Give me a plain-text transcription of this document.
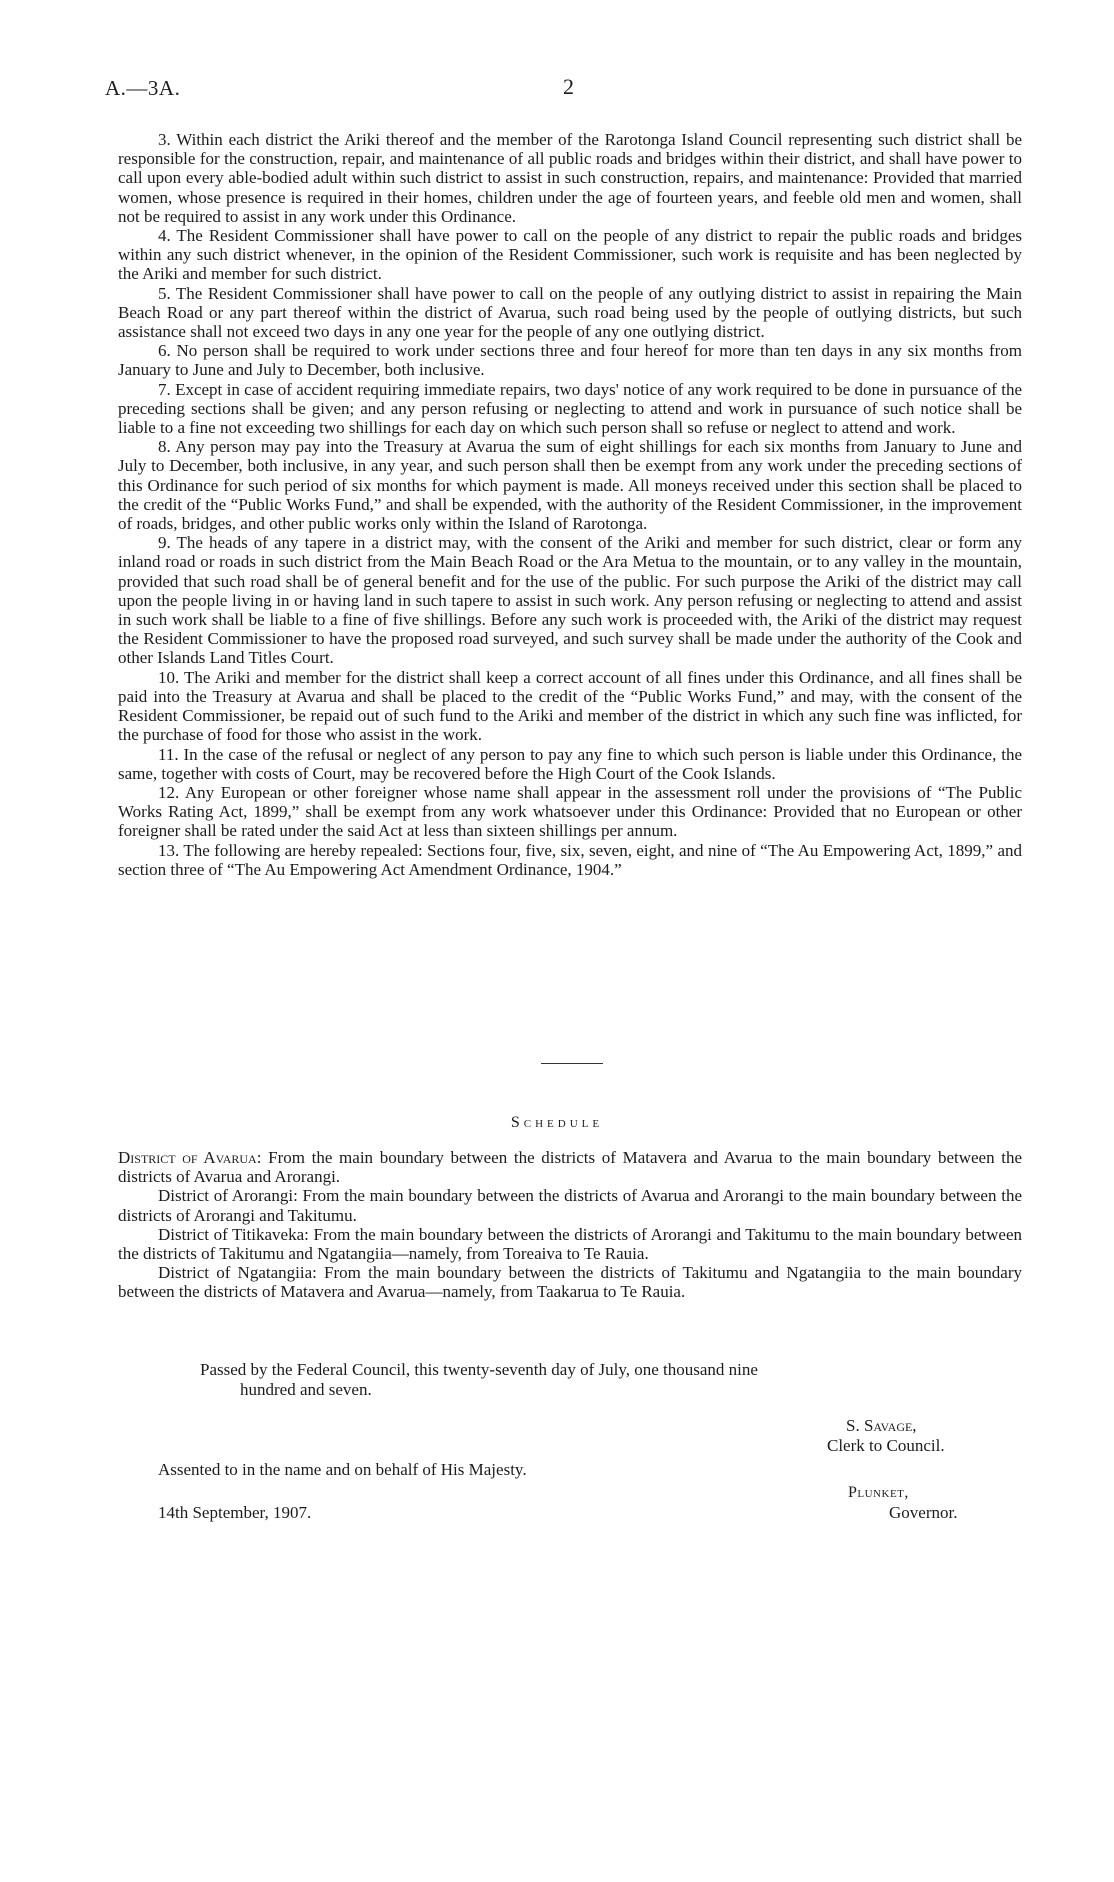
A.—3A.	2

3. Within each district the Ariki thereof and the member of the Rarotonga Island Council representing such district shall be responsible for the construction, repair, and maintenance of all public roads and bridges within their district, and shall have power to call upon every able-bodied adult within such district to assist in such construction, repairs, and maintenance: Provided that married women, whose presence is required in their homes, children under the age of fourteen years, and feeble old men and women, shall not be required to assist in any work under this Ordinance.

4. The Resident Commissioner shall have power to call on the people of any district to repair the public roads and bridges within any such district whenever, in the opinion of the Resident Commissioner, such work is requisite and has been neglected by the Ariki and member for such district.

5. The Resident Commissioner shall have power to call on the people of any outlying district to assist in repairing the Main Beach Road or any part thereof within the district of Avarua, such road being used by the people of outlying districts, but such assistance shall not exceed two days in any one year for the people of any one outlying district.

6. No person shall be required to work under sections three and four hereof for more than ten days in any six months from January to June and July to December, both inclusive.

7. Except in case of accident requiring immediate repairs, two days' notice of any work required to be done in pursuance of the preceding sections shall be given; and any person refusing or neglecting to attend and work in pursuance of such notice shall be liable to a fine not exceeding two shillings for each day on which such person shall so refuse or neglect to attend and work.

8. Any person may pay into the Treasury at Avarua the sum of eight shillings for each six months from January to June and July to December, both inclusive, in any year, and such person shall then be exempt from any work under the preceding sections of this Ordinance for such period of six months for which payment is made. All moneys received under this section shall be placed to the credit of the “Public Works Fund,” and shall be expended, with the authority of the Resident Commissioner, in the improvement of roads, bridges, and other public works only within the Island of Rarotonga.

9. The heads of any tapere in a district may, with the consent of the Ariki and member for such district, clear or form any inland road or roads in such district from the Main Beach Road or the Ara Metua to the mountain, or to any valley in the mountain, provided that such road shall be of general benefit and for the use of the public. For such purpose the Ariki of the district may call upon the people living in or having land in such tapere to assist in such work. Any person refusing or neglecting to attend and assist in such work shall be liable to a fine of five shillings. Before any such work is proceeded with, the Ariki of the district may request the Resident Commissioner to have the proposed road surveyed, and such survey shall be made under the authority of the Cook and other Islands Land Titles Court.

10. The Ariki and member for the district shall keep a correct account of all fines under this Ordinance, and all fines shall be paid into the Treasury at Avarua and shall be placed to the credit of the “Public Works Fund,” and may, with the consent of the Resident Commissioner, be repaid out of such fund to the Ariki and member of the district in which any such fine was inflicted, for the purchase of food for those who assist in the work.

11. In the case of the refusal or neglect of any person to pay any fine to which such person is liable under this Ordinance, the same, together with costs of Court, may be recovered before the High Court of the Cook Islands.

12. Any European or other foreigner whose name shall appear in the assessment roll under the provisions of “The Public Works Rating Act, 1899,” shall be exempt from any work whatsoever under this Ordinance: Provided that no European or other foreigner shall be rated under the said Act at less than sixteen shillings per annum.

13. The following are hereby repealed: Sections four, five, six, seven, eight, and nine of “The Au Empowering Act, 1899,” and section three of “The Au Empowering Act Amendment Ordinance, 1904.”

Schedule

District of Avarua: From the main boundary between the districts of Matavera and Avarua to the main boundary between the districts of Avarua and Arorangi.

District of Arorangi: From the main boundary between the districts of Avarua and Arorangi to the main boundary between the districts of Arorangi and Takitumu.

District of Titikaveka: From the main boundary between the districts of Arorangi and Takitumu to the main boundary between the districts of Takitumu and Ngatangiia—namely, from Toreaiva to Te Rauia.

District of Ngatangiia: From the main boundary between the districts of Takitumu and Ngatangiia to the main boundary between the districts of Matavera and Avarua—namely, from Taakarua to Te Rauia.

Passed by the Federal Council, this twenty-seventh day of July, one thousand nine
hundred and seven.
S. Savage,
Clerk to Council.
Assented to in the name and on behalf of His Majesty.
Plunket,
Governor.
14th September, 1907.
